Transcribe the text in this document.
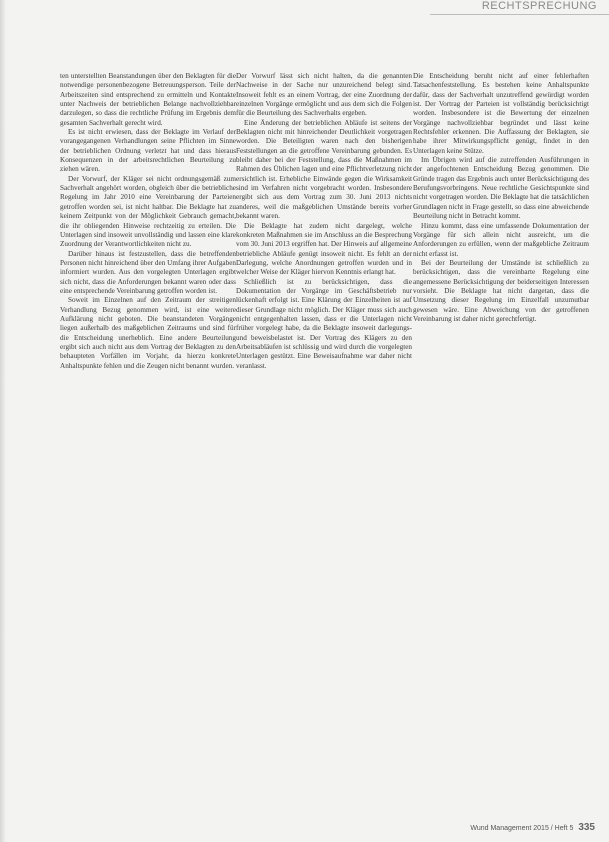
RECHTSPRECHUNG

ten unterstellten Beanstandungen über den Beklagten für die notwendige personenbezogene Betreuungsperson. Teile der Arbeitszeiten sind entsprechend zu ermitteln und Kontakte unter Nachweis der betrieblichen Belange nachvollziehbar darzulegen, so dass die rechtliche Prüfung im Ergebnis dem gesamten Sachverhalt gerecht wird.

Es ist nicht erwiesen, dass der Beklagte im Verlauf der vorangegangenen Verhandlungen seine Pflichten im Sinne der betrieblichen Ordnung verletzt hat und dass hieraus Konsequenzen in der arbeitsrechtlichen Beurteilung zu ziehen wären.

Der Vorwurf, der Kläger sei nicht ordnungsgemäß zum Sachverhalt angehört worden, obgleich über die betriebliche Regelung im Jahr 2010 eine Vereinbarung der Parteien getroffen worden sei, ist nicht haltbar. Die Beklagte hat zu keinem Zeitpunkt von der Möglichkeit Gebrauch gemacht, die ihr obliegenden Hinweise rechtzeitig zu erteilen. Die Unterlagen sind insoweit unvollständig und lassen eine klare Zuordnung der Verantwortlichkeiten nicht zu.

Darüber hinaus ist festzustellen, dass die betreffenden Personen nicht hinreichend über den Umfang ihrer Aufgaben informiert wurden. Aus den vorgelegten Unterlagen ergibt sich nicht, dass die Anforderungen bekannt waren oder dass eine entsprechende Vereinbarung getroffen worden ist.

Soweit im Einzelnen auf den Zeitraum der streitigen Verhandlung Bezug genommen wird, ist eine weitere Aufklärung nicht geboten. Die beanstandeten Vorgänge liegen außerhalb des maßgeblichen Zeitraums und sind für die Entscheidung unerheblich. Eine andere Beurteilung ergibt sich auch nicht aus dem Vortrag der Beklagten zu den behaupteten Vorfällen im Vorjahr, da hierzu konkrete Anhaltspunkte fehlen und die Zeugen nicht benannt wurden.

Der Vorwurf lässt sich nicht halten, da die genannten Nachweise in der Sache nur unzureichend belegt sind. Insoweit fehlt es an einem Vortrag, der eine Zuordnung der einzelnen Vorgänge ermöglicht und aus dem sich die Folgen für die Beurteilung des Sachverhalts ergeben.

Eine Änderung der betrieblichen Abläufe ist seitens der Beklagten nicht mit hinreichender Deutlichkeit vorgetragen worden. Die Beteiligten waren nach den bisherigen Feststellungen an die getroffene Vereinbarung gebunden. Es bleibt daher bei der Feststellung, dass die Maßnahmen im Rahmen des Üblichen lagen und eine Pflichtverletzung nicht ersichtlich ist. Erhebliche Einwände gegen die Wirksamkeit sind im Verfahren nicht vorgebracht worden. Insbesondere ergibt sich aus dem Vortrag zum 30. Juni 2013 nichts anderes, weil die maßgeblichen Umstände bereits vorher bekannt waren.

Die Beklagte hat zudem nicht dargelegt, welche konkreten Maßnahmen sie im Anschluss an die Besprechung vom 30. Juni 2013 ergriffen hat. Der Hinweis auf allgemeine betriebliche Abläufe genügt insoweit nicht. Es fehlt an der Darlegung, welche Anordnungen getroffen wurden und in welcher Weise der Kläger hiervon Kenntnis erlangt hat.

Schließlich ist zu berücksichtigen, dass die Dokumentation der Vorgänge im Geschäftsbetrieb nur lückenhaft erfolgt ist. Eine Klärung der Einzelheiten ist auf dieser Grundlage nicht möglich. Der Kläger muss sich auch nicht entgegenhalten lassen, dass er die Unterlagen nicht früher vorgelegt habe, da die Beklagte insoweit darlegungs- und beweisbelastet ist. Der Vortrag des Klägers zu den Arbeitsabläufen ist schlüssig und wird durch die vorgelegten Unterlagen gestützt. Eine Beweisaufnahme war daher nicht veranlasst.

Die Entscheidung beruht nicht auf einer fehlerhaften Tatsachenfeststellung. Es bestehen keine Anhaltspunkte dafür, dass der Sachverhalt unzutreffend gewürdigt worden ist. Der Vortrag der Parteien ist vollständig berücksichtigt worden. Insbesondere ist die Bewertung der einzelnen Vorgänge nachvollziehbar begründet und lässt keine Rechtsfehler erkennen. Die Auffassung der Beklagten, sie habe ihrer Mitwirkungspflicht genügt, findet in den Unterlagen keine Stütze.

Im Übrigen wird auf die zutreffenden Ausführungen in der angefochtenen Entscheidung Bezug genommen. Die Gründe tragen das Ergebnis auch unter Berücksichtigung des Berufungsvorbringens. Neue rechtliche Gesichtspunkte sind nicht vorgetragen worden. Die Beklagte hat die tatsächlichen Grundlagen nicht in Frage gestellt, so dass eine abweichende Beurteilung nicht in Betracht kommt.

Hinzu kommt, dass eine umfassende Dokumentation der Vorgänge für sich allein nicht ausreicht, um die Anforderungen zu erfüllen, wenn der maßgebliche Zeitraum nicht erfasst ist.

Bei der Beurteilung der Umstände ist schließlich zu berücksichtigen, dass die vereinbarte Regelung eine angemessene Berücksichtigung der beiderseitigen Interessen vorsieht. Die Beklagte hat nicht dargetan, dass die Umsetzung dieser Regelung im Einzelfall unzumutbar gewesen wäre. Eine Abweichung von der getroffenen Vereinbarung ist daher nicht gerechtfertigt.

Wund Management 2015 / Heft 5 335
